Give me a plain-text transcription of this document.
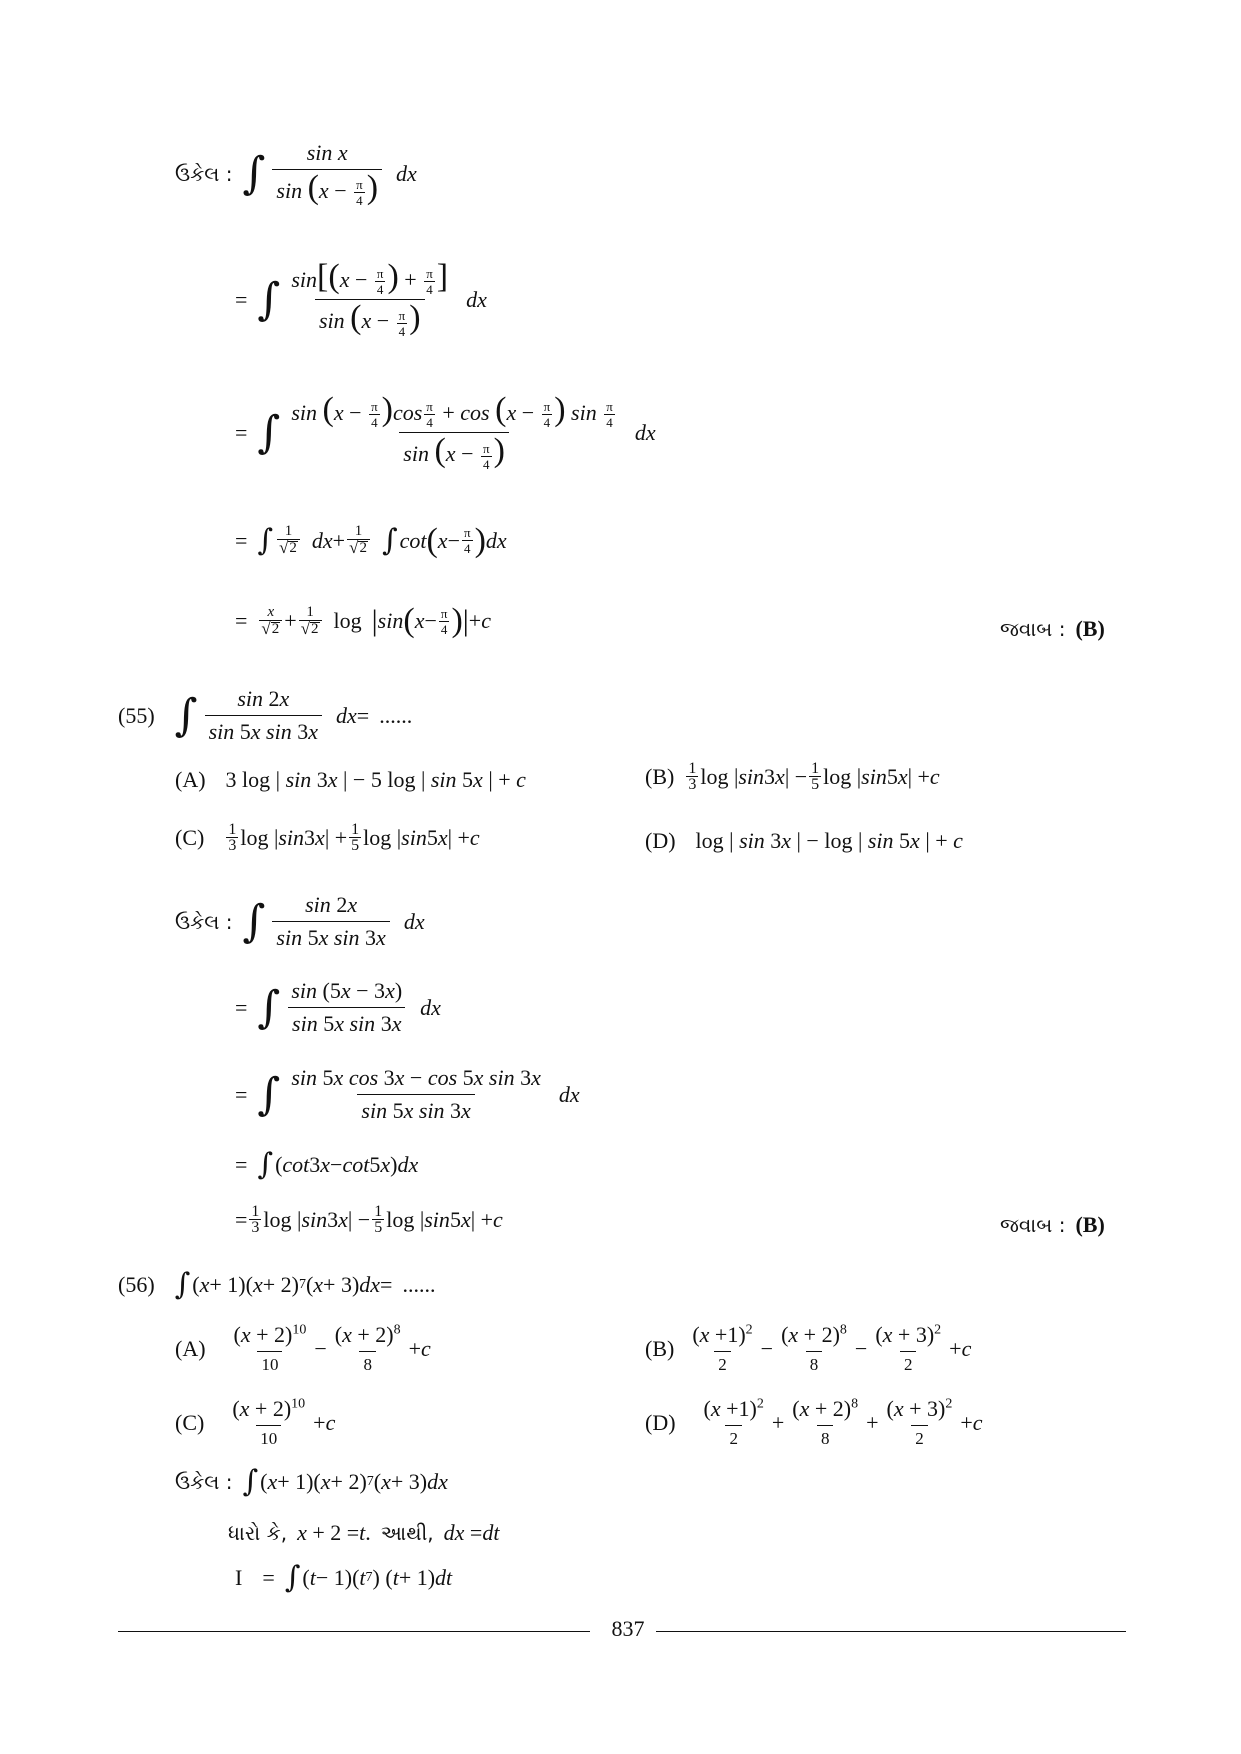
ઉકેલ : ∫ $\frac{\text{sin x}}{\sin (x - \frac{\pi}{4} )}$ dx
= ∫ $\frac{\sin[(x - \frac{\pi}{4} ) + \frac{\pi}{4} ]}{\sin (x - \frac{\pi}{4} )}$ dx
= ∫ $\frac{\sin (x - \frac{\pi}{4} )\cos \frac{\pi}{4} + \cos (x - \frac{\pi}{4} ) \sin \frac{\pi}{4}}{\sin (x - \frac{\pi}{4} )}$ dx
= ∫ $\frac{1}{√ 2}$ dx + $\frac{1}{√ 2}$ ∫ cot ( $x - \frac{\pi}{4}$ ) dx
= $\frac{x}{√ 2} + \frac{1}{√ 2}$ log | sin ( $x - \frac{\pi}{4}$ ) | + c	જવાબ : (B)
(55) ∫ $\frac{\sin 2x}{\text{sin 5x sin 3x}}$ dx = ......
(A) 3 log | sin 3x | − 5 log | sin 5x | + c	$(B) \frac{1}{3}$ log | sin 3 x | − $\frac{1}{5}$ log | sin 5 x | + c
$(C) \frac{1}{3}$ log | sin 3 x | + $\frac{1}{5}$ log | sin 5 x | + c	(D) log | sin 3x | − log | sin 5x | + c
ઉકેલ : ∫ $\frac{\sin 2x}{\text{sin 5x sin 3x}}$ dx
= ∫ $\frac{\sin (5x - 3x)}{\text{sin 5x sin 3x}}$ dx
= ∫ $\frac{\text{sin 5x cos 3x − cos 5x sin 3x}}{\text{sin 5x sin 3x}}$ dx
= ∫ ( cot 3 x − cot 5 x ) dx
= $\frac{1}{3}$ log | sin 3 x | − $\frac{1}{5}$ log | sin 5 x | + c	જવાબ : (B)
(56) ∫ ( x + 1)( x + 2) 7 ( x + 3) dx = ......
$(A) \frac{(x + 2)^{10}}{10} - \frac{(x + 2)^8}{8} + c$	$(B) \frac{(x +1)^2}{2} - \frac{(x + 2)^8}{8} - \frac{(x + 3)^2}{2} + c$
$(C) \frac{(x + 2)^{10}}{10} + c$	$(D) \frac{(x +1)^2}{2} + \frac{(x + 2)^8}{8} + \frac{(x + 3)^2}{2} + c$
ઉકેલ : ∫ ( x + 1)( x + 2) 7 ( x + 3) dx
ધારો કે, x + 2 = t . આથી, dx = dt
I = ∫ ( t − 1)( t 7 ) ( t + 1) dt
837
